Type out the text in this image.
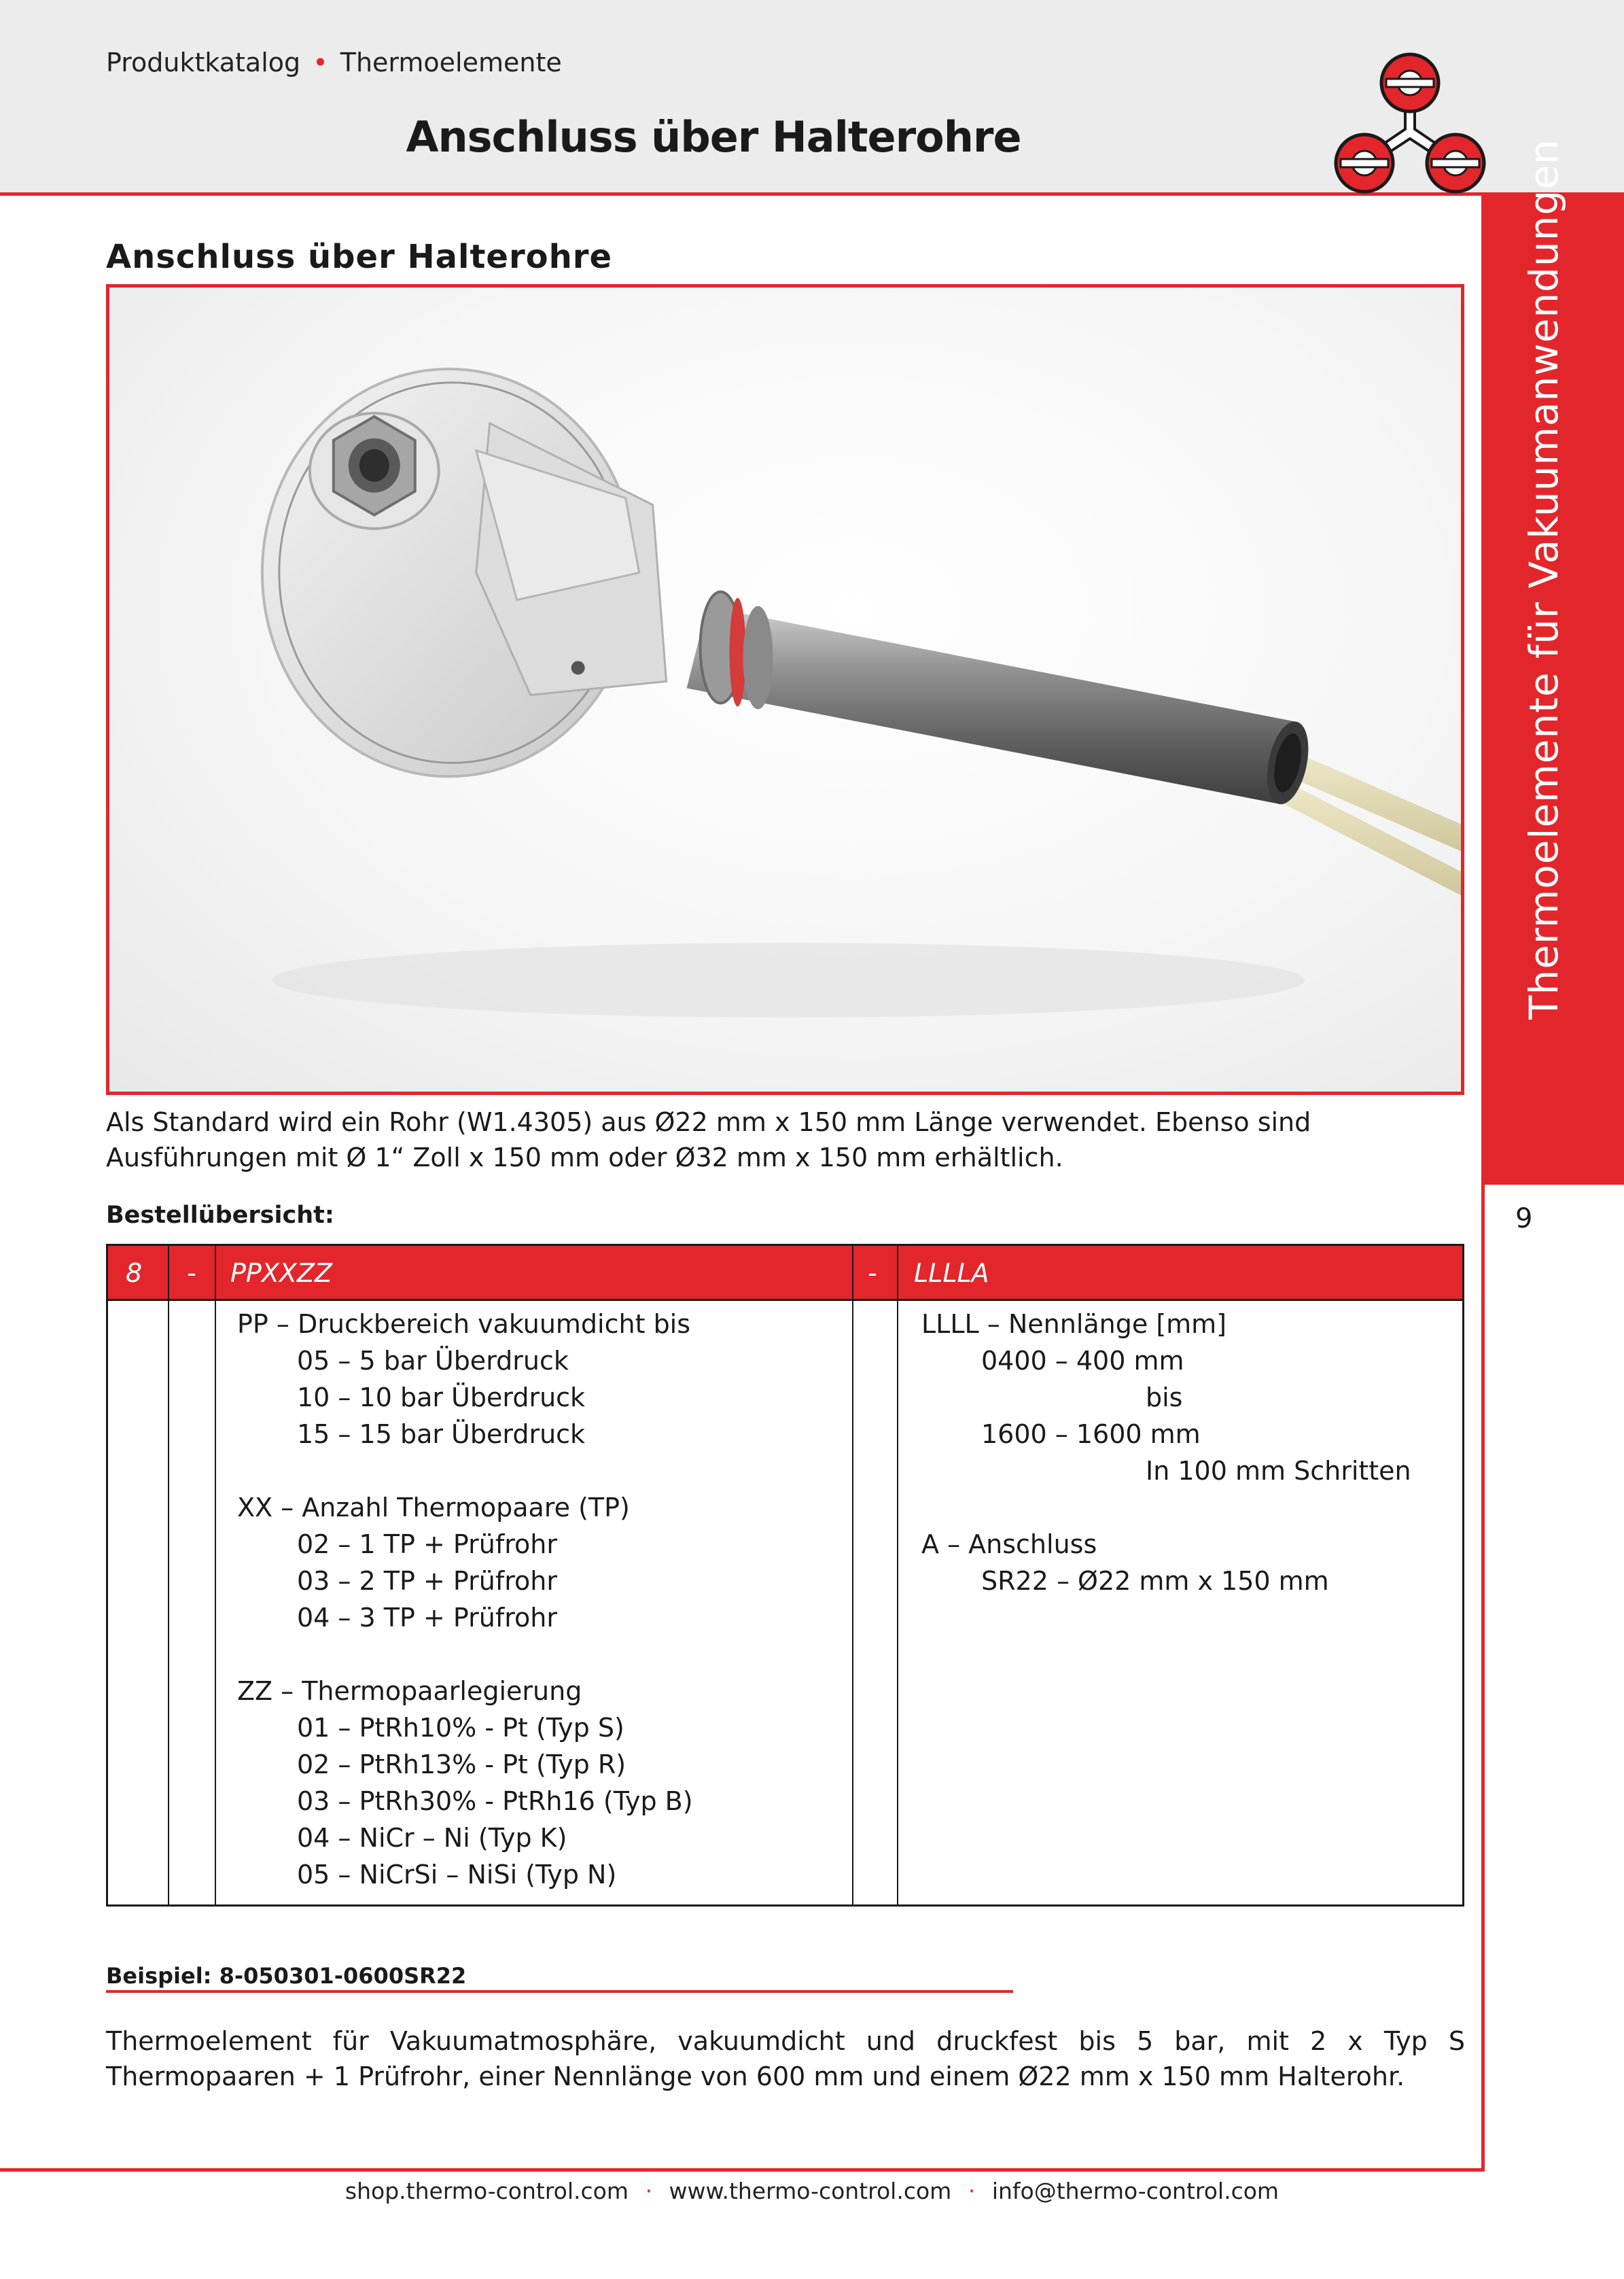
Produktkatalog • Thermoelemente
Anschluss über Halterohre
Thermoelemente für Vakuumanwendungen
9
Anschluss über Halterohre
Als Standard wird ein Rohr (W1.4305) aus Ø22 mm x 150 mm Länge verwendet. Ebenso sind Ausführungen mit Ø 1“ Zoll x 150 mm oder Ø32 mm x 150 mm erhältlich.
Bestellübersicht:
8 - PPXXZZ	- LLLLA
PP – Druckbereich vakuumdicht bis
05 – 5 bar Überdruck
10 – 10 bar Überdruck
15 – 15 bar Überdruck
XX – Anzahl Thermopaare (TP)
02 – 1 TP + Prüfrohr
03 – 2 TP + Prüfrohr
04 – 3 TP + Prüfrohr
ZZ – Thermopaarlegierung
01 – PtRh10% - Pt (Typ S)
02 – PtRh13% - Pt (Typ R)
03 – PtRh30% - PtRh16 (Typ B)
04 – NiCr – Ni (Typ K)
05 – NiCrSi – NiSi (Typ N)
LLLL – Nennlänge [mm]
0400 – 400 mm
bis
1600 – 1600 mm
In 100 mm Schritten
A – Anschluss
SR22 – Ø22 mm x 150 mm
Beispiel: 8-050301-0600SR22
Thermoelement für Vakuumatmosphäre, vakuumdicht und druckfest bis 5 bar, mit 2 x Typ S Thermopaaren + 1 Prüfrohr, einer Nennlänge von 600 mm und einem Ø22 mm x 150 mm Halterohr.
shop.thermo-control.com · www.thermo-control.com · info@thermo-control.com
